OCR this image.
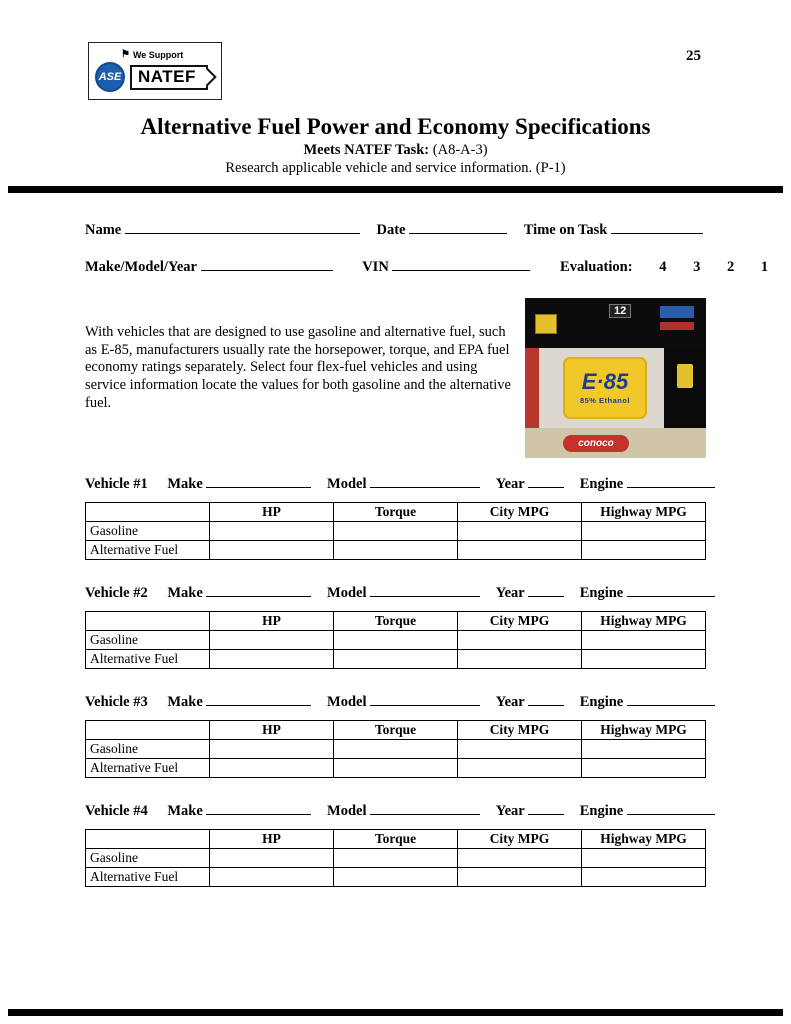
⚑ We Support
ASE NATEF
25
Alternative Fuel Power and Economy Specifications
Meets NATEF Task: (A8-A-3)
Research applicable vehicle and service information. (P-1)
Name	Date	Time on Task
Make/Model/Year	VIN	Evaluation: 4 3 2 1
With vehicles that are designed to use gasoline and alternative fuel, such as E-85, manufacturers usually rate the horsepower, torque, and EPA fuel economy ratings separately. Select four flex-fuel vehicles and using service information locate the values for both gasoline and the alternative fuel.
12
E·85
85% Ethanol
conoco
Vehicle #1 Make	Model	Year	Engine
	HP	Torque	City MPG	Highway MPG
Gasoline				
Alternative Fuel				
Vehicle #2 Make	Model	Year	Engine
	HP	Torque	City MPG	Highway MPG
Gasoline				
Alternative Fuel				
Vehicle #3 Make	Model	Year	Engine
	HP	Torque	City MPG	Highway MPG
Gasoline				
Alternative Fuel				
Vehicle #4 Make	Model	Year	Engine
	HP	Torque	City MPG	Highway MPG
Gasoline				
Alternative Fuel				
